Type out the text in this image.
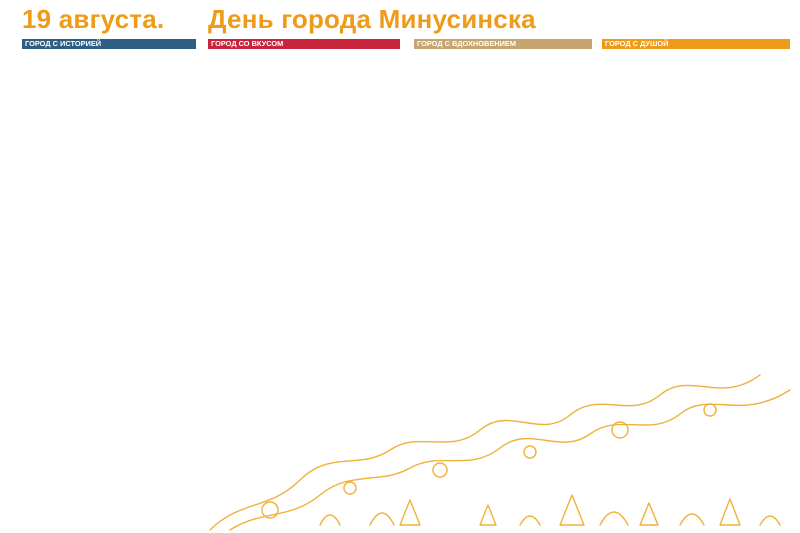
19 августа. День города Минусинска
ГОРОД С ИСТОРИЕЙ	ГОРОД СО ВКУСОМ	ГОРОД С ВДОХНОВЕНИЕМ	ГОРОД С ДУШОЙ
